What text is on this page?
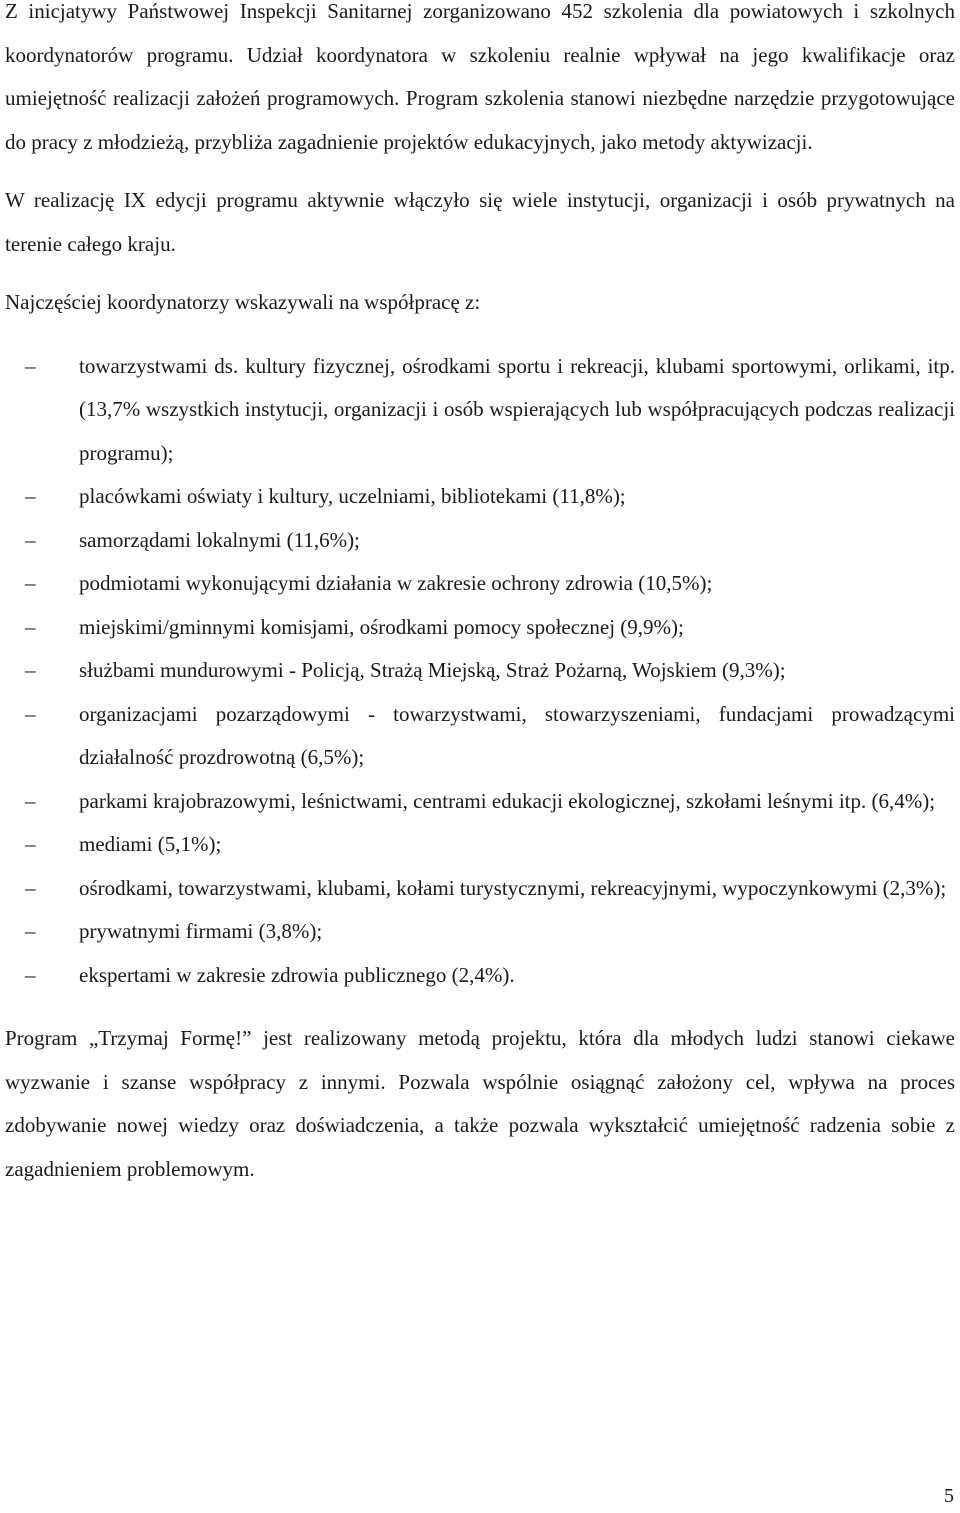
Z inicjatywy Państwowej Inspekcji Sanitarnej zorganizowano 452 szkolenia dla powiatowych i szkolnych koordynatorów programu. Udział koordynatora w szkoleniu realnie wpływał na jego kwalifikacje oraz umiejętność realizacji założeń programowych. Program szkolenia stanowi niezbędne narzędzie przygotowujące do pracy z młodzieżą, przybliża zagadnienie projektów edukacyjnych, jako metody aktywizacji.

W realizację IX edycji programu aktywnie włączyło się wiele instytucji, organizacji i osób prywatnych na terenie całego kraju.

Najczęściej koordynatorzy wskazywali na współpracę z:

– towarzystwami ds. kultury fizycznej, ośrodkami sportu i rekreacji, klubami sportowymi, orlikami, itp. (13,7% wszystkich instytucji, organizacji i osób wspierających lub współpracujących podczas realizacji programu);
– placówkami oświaty i kultury, uczelniami, bibliotekami (11,8%);
– samorządami lokalnymi (11,6%);
– podmiotami wykonującymi działania w zakresie ochrony zdrowia (10,5%);
– miejskimi/gminnymi komisjami, ośrodkami pomocy społecznej (9,9%);
– służbami mundurowymi - Policją, Strażą Miejską, Straż Pożarną, Wojskiem (9,3%);
– organizacjami pozarządowymi - towarzystwami, stowarzyszeniami, fundacjami prowadzącymi działalność prozdrowotną (6,5%);
– parkami krajobrazowymi, leśnictwami, centrami edukacji ekologicznej, szkołami leśnymi itp. (6,4%);
– mediami (5,1%);
– ośrodkami, towarzystwami, klubami, kołami turystycznymi, rekreacyjnymi, wypoczynkowymi (2,3%);
– prywatnymi firmami (3,8%);
– ekspertami w zakresie zdrowia publicznego (2,4%).

Program „Trzymaj Formę!” jest realizowany metodą projektu, która dla młodych ludzi stanowi ciekawe wyzwanie i szanse współpracy z innymi. Pozwala wspólnie osiągnąć założony cel, wpływa na proces zdobywanie nowej wiedzy oraz doświadczenia, a także pozwala wykształcić umiejętność radzenia sobie z zagadnieniem problemowym.

5
